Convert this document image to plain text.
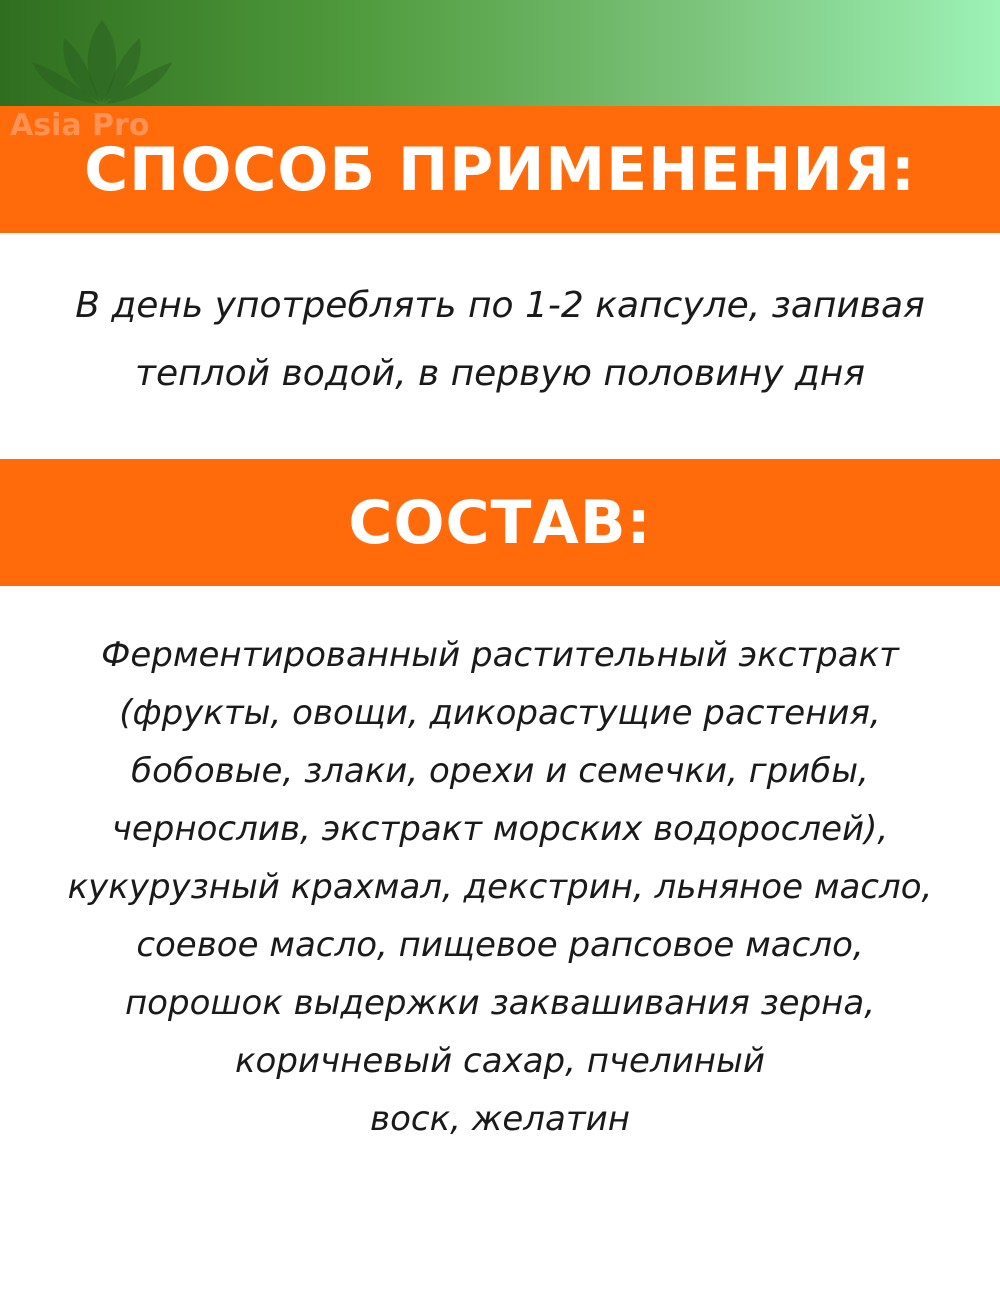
Asia Pro
СПОСОБ ПРИМЕНЕНИЯ:
В день употреблять по 1-2 капсуле, запивая
теплой водой, в первую половину дня
СОСТАВ:
Ферментированный растительный экстракт
(фрукты, овощи, дикорастущие растения,
бобовые, злаки, орехи и семечки, грибы,
чернослив, экстракт морских водорослей),
кукурузный крахмал, декстрин, льняное масло,
соевое масло, пищевое рапсовое масло,
порошок выдержки заквашивания зерна,
коричневый сахар, пчелиный
воск, желатин
